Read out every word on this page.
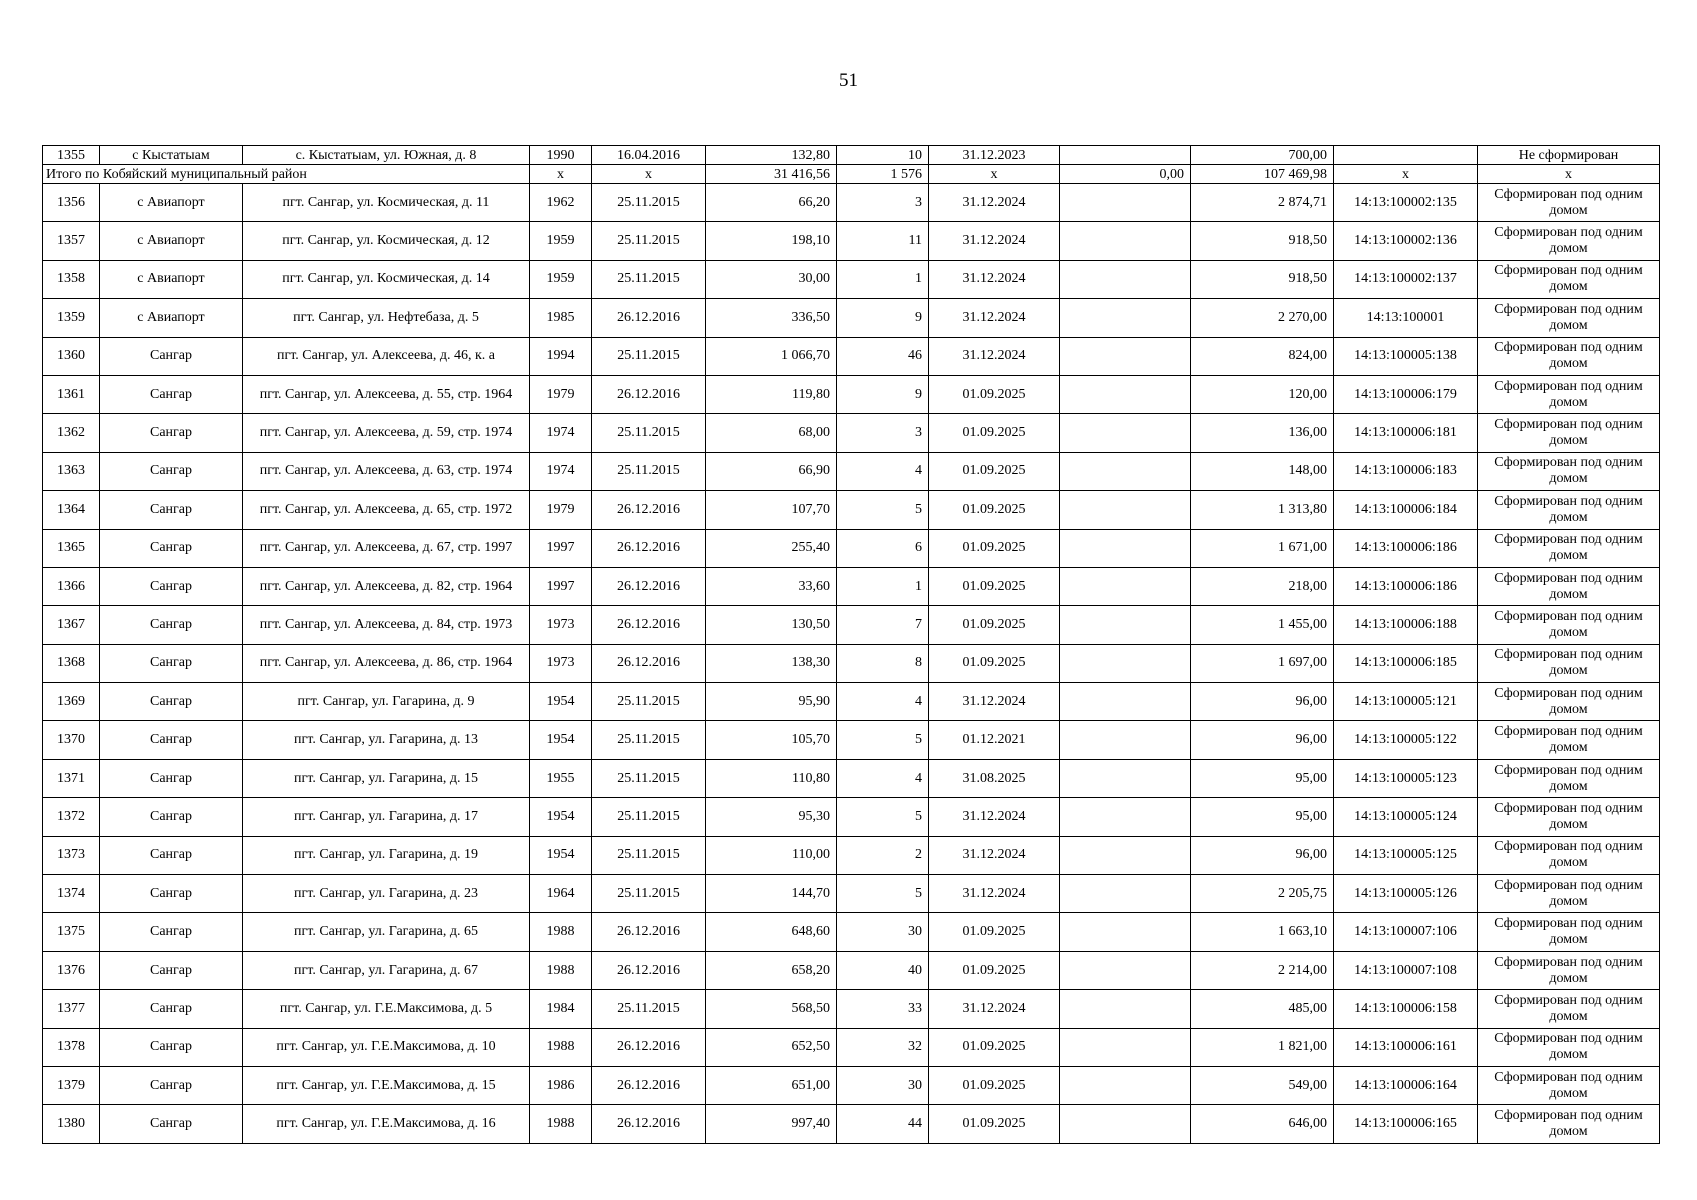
51
1355	с Кыстатыам	с. Кыстатыам, ул. Южная, д. 8	1990	16.04.2016	132,80	10	31.12.2023		700,00		Не сформирован
Итого по Кобяйский муниципальный район			х	х	31 416,56	1 576	х	0,00	107 469,98	х	х
1356	с Авиапорт	пгт. Сангар, ул. Космическая, д. 11	1962	25.11.2015	66,20	3	31.12.2024		2 874,71	14:13:100002:135	Сформирован под одним домом
1357	с Авиапорт	пгт. Сангар, ул. Космическая, д. 12	1959	25.11.2015	198,10	11	31.12.2024		918,50	14:13:100002:136	Сформирован под одним домом
1358	с Авиапорт	пгт. Сангар, ул. Космическая, д. 14	1959	25.11.2015	30,00	1	31.12.2024		918,50	14:13:100002:137	Сформирован под одним домом
1359	с Авиапорт	пгт. Сангар, ул. Нефтебаза, д. 5	1985	26.12.2016	336,50	9	31.12.2024		2 270,00	14:13:100001	Сформирован под одним домом
1360	Сангар	пгт. Сангар, ул. Алексеева, д. 46, к. а	1994	25.11.2015	1 066,70	46	31.12.2024		824,00	14:13:100005:138	Сформирован под одним домом
1361	Сангар	пгт. Сангар, ул. Алексеева, д. 55, стр. 1964	1979	26.12.2016	119,80	9	01.09.2025		120,00	14:13:100006:179	Сформирован под одним домом
1362	Сангар	пгт. Сангар, ул. Алексеева, д. 59, стр. 1974	1974	25.11.2015	68,00	3	01.09.2025		136,00	14:13:100006:181	Сформирован под одним домом
1363	Сангар	пгт. Сангар, ул. Алексеева, д. 63, стр. 1974	1974	25.11.2015	66,90	4	01.09.2025		148,00	14:13:100006:183	Сформирован под одним домом
1364	Сангар	пгт. Сангар, ул. Алексеева, д. 65, стр. 1972	1979	26.12.2016	107,70	5	01.09.2025		1 313,80	14:13:100006:184	Сформирован под одним домом
1365	Сангар	пгт. Сангар, ул. Алексеева, д. 67, стр. 1997	1997	26.12.2016	255,40	6	01.09.2025		1 671,00	14:13:100006:186	Сформирован под одним домом
1366	Сангар	пгт. Сангар, ул. Алексеева, д. 82, стр. 1964	1997	26.12.2016	33,60	1	01.09.2025		218,00	14:13:100006:186	Сформирован под одним домом
1367	Сангар	пгт. Сангар, ул. Алексеева, д. 84, стр. 1973	1973	26.12.2016	130,50	7	01.09.2025		1 455,00	14:13:100006:188	Сформирован под одним домом
1368	Сангар	пгт. Сангар, ул. Алексеева, д. 86, стр. 1964	1973	26.12.2016	138,30	8	01.09.2025		1 697,00	14:13:100006:185	Сформирован под одним домом
1369	Сангар	пгт. Сангар, ул. Гагарина, д. 9	1954	25.11.2015	95,90	4	31.12.2024		96,00	14:13:100005:121	Сформирован под одним домом
1370	Сангар	пгт. Сангар, ул. Гагарина, д. 13	1954	25.11.2015	105,70	5	01.12.2021		96,00	14:13:100005:122	Сформирован под одним домом
1371	Сангар	пгт. Сангар, ул. Гагарина, д. 15	1955	25.11.2015	110,80	4	31.08.2025		95,00	14:13:100005:123	Сформирован под одним домом
1372	Сангар	пгт. Сангар, ул. Гагарина, д. 17	1954	25.11.2015	95,30	5	31.12.2024		95,00	14:13:100005:124	Сформирован под одним домом
1373	Сангар	пгт. Сангар, ул. Гагарина, д. 19	1954	25.11.2015	110,00	2	31.12.2024		96,00	14:13:100005:125	Сформирован под одним домом
1374	Сангар	пгт. Сангар, ул. Гагарина, д. 23	1964	25.11.2015	144,70	5	31.12.2024		2 205,75	14:13:100005:126	Сформирован под одним домом
1375	Сангар	пгт. Сангар, ул. Гагарина, д. 65	1988	26.12.2016	648,60	30	01.09.2025		1 663,10	14:13:100007:106	Сформирован под одним домом
1376	Сангар	пгт. Сангар, ул. Гагарина, д. 67	1988	26.12.2016	658,20	40	01.09.2025		2 214,00	14:13:100007:108	Сформирован под одним домом
1377	Сангар	пгт. Сангар, ул. Г.Е.Максимова, д. 5	1984	25.11.2015	568,50	33	31.12.2024		485,00	14:13:100006:158	Сформирован под одним домом
1378	Сангар	пгт. Сангар, ул. Г.Е.Максимова, д. 10	1988	26.12.2016	652,50	32	01.09.2025		1 821,00	14:13:100006:161	Сформирован под одним домом
1379	Сангар	пгт. Сангар, ул. Г.Е.Максимова, д. 15	1986	26.12.2016	651,00	30	01.09.2025		549,00	14:13:100006:164	Сформирован под одним домом
1380	Сангар	пгт. Сангар, ул. Г.Е.Максимова, д. 16	1988	26.12.2016	997,40	44	01.09.2025		646,00	14:13:100006:165	Сформирован под одним домом
